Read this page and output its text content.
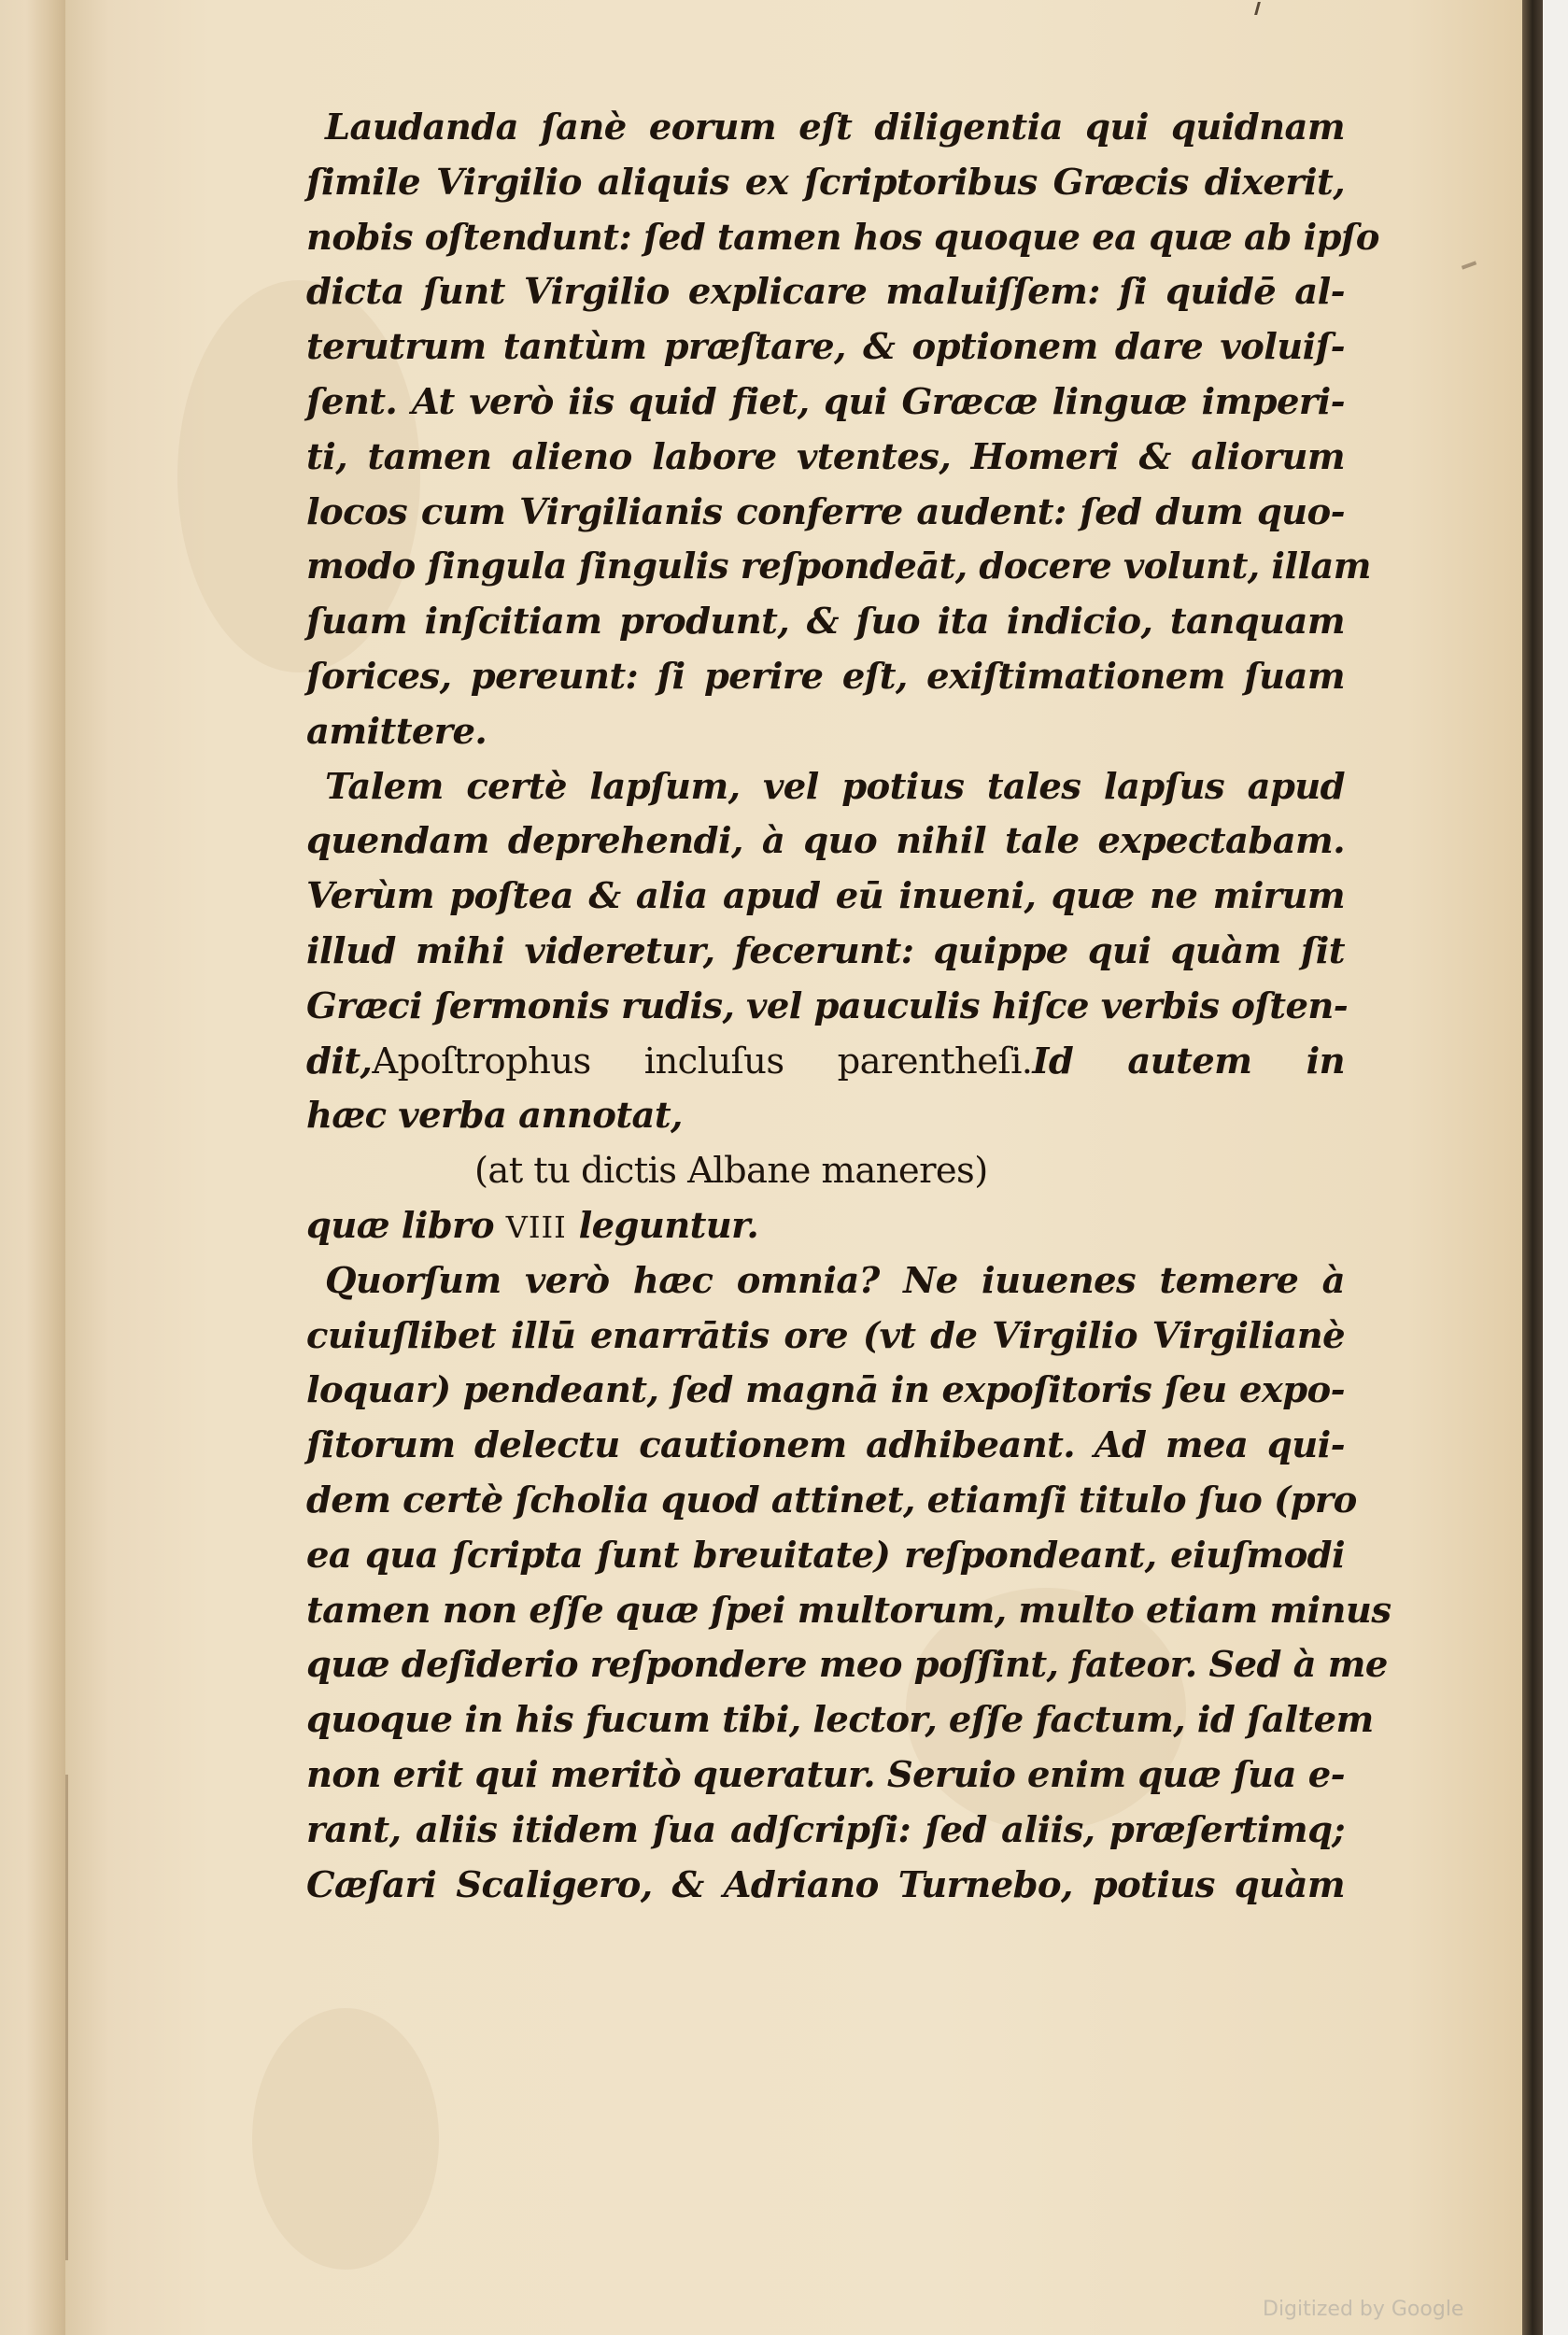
Laudanda ſanè eorum eſt diligentia qui quidnam
ſimile Virgilio aliquis ex ſcriptoribus Græcis dixerit,
nobis oſtendunt: ſed tamen hos quoque ea quæ ab ipſo
dicta ſunt Virgilio explicare maluiſſem: ſi quidē al-
terutrum tantùm præſtare, & optionem dare voluiſ-
ſent. At verò iis quid fiet, qui Græcæ linguæ imperi-
ti, tamen alieno labore vtentes, Homeri & aliorum
locos cum Virgilianis conferre audent: ſed dum quo-
modo ſingula ſingulis reſpondeāt, docere volunt, illam
ſuam inſcitiam produnt, & ſuo ita indicio, tanquam
ſorices, pereunt: ſi perire eſt, exiſtimationem ſuam
amittere.
Talem certè lapſum, vel potius tales lapſus apud
quendam deprehendi, à quo nihil tale expectabam.
Verùm poſtea & alia apud eū inueni, quæ ne mirum
illud mihi videretur, fecerunt: quippe qui quàm ſit
Græci ſermonis rudis, vel pauculis hiſce verbis oſten-
dit,Apoſtrophus incluſus parentheſi.Id autem in
hæc verba annotat,
(at tu dictis Albane maneres)
quæ libro VIII leguntur.
Quorſum verò hæc omnia? Ne iuuenes temere à
cuiuſlibet illū enarrātis ore (vt de Virgilio Virgilianè
loquar) pendeant, ſed magnā in expoſitoris ſeu expo-
ſitorum delectu cautionem adhibeant. Ad mea qui-
dem certè ſcholia quod attinet, etiamſi titulo ſuo (pro
ea qua ſcripta ſunt breuitate) reſpondeant, eiuſmodi
tamen non eſſe quæ ſpei multorum, multo etiam minus
quæ deſiderio reſpondere meo poſſint, fateor. Sed à me
quoque in his fucum tibi, lector, eſſe factum, id ſaltem
non erit qui meritò queratur. Seruio enim quæ ſua e-
rant, aliis itidem ſua adſcripſi: ſed aliis, præſertimq;
Cæſari Scaligero, & Adriano Turnebo, potius quàm
Digitized by Google
